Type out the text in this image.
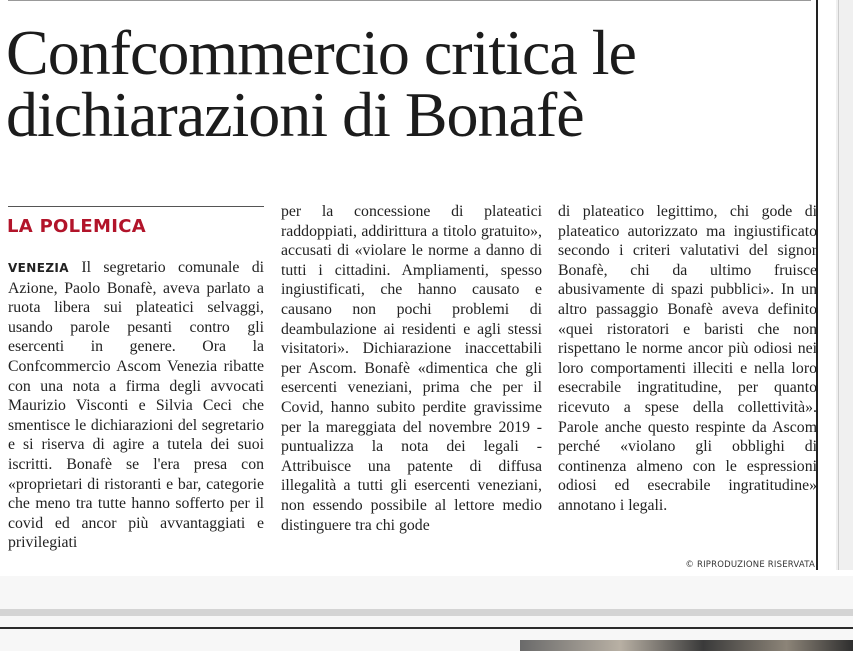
Confcommercio critica le dichiarazioni di Bonafè
LA POLEMICA
VENEZIA Il segretario comunale di Azione, Paolo Bonafè, aveva parlato a ruota libera sui plateatici selvaggi, usando parole pesanti contro gli esercenti in genere. Ora la Confcommercio Ascom Venezia ribatte con una nota a firma degli avvocati Maurizio Visconti e Silvia Ceci che smentisce le dichiarazioni del segretario e si riserva di agire a tutela dei suoi iscritti. Bonafè se l'era presa con «proprietari di ristoranti e bar, categorie che meno tra tutte hanno sofferto per il covid ed ancor più avvantaggiati e privilegiati
per la concessione di plateatici raddoppiati, addirittura a titolo gratuito», accusati di «violare le norme a danno di tutti i cittadini. Ampliamenti, spesso ingiustificati, che hanno causato e causano non pochi problemi di deambulazione ai residenti e agli stessi visitatori». Dichiarazione inaccettabili per Ascom. Bonafè «dimentica che gli esercenti veneziani, prima che per il Covid, hanno subito perdite gravissime per la mareggiata del novembre 2019 - puntualizza la nota dei legali - Attribuisce una patente di diffusa illegalità a tutti gli esercenti veneziani, non essendo possibile al lettore medio distinguere tra chi gode
di plateatico legittimo, chi gode di plateatico autorizzato ma ingiustificato secondo i criteri valutativi del signor Bonafè, chi da ultimo fruisce abusivamente di spazi pubblici». In un altro passaggio Bonafè aveva definito «quei ristoratori e baristi che non rispettano le norme ancor più odiosi nei loro comportamenti illeciti e nella loro esecrabile ingratitudine, per quanto ricevuto a spese della collettività». Parole anche questo respinte da Ascom perché «violano gli obblighi di continenza almeno con le espressioni odiosi ed esecrabile ingratitudine» annotano i legali.
© RIPRODUZIONE RISERVATA
